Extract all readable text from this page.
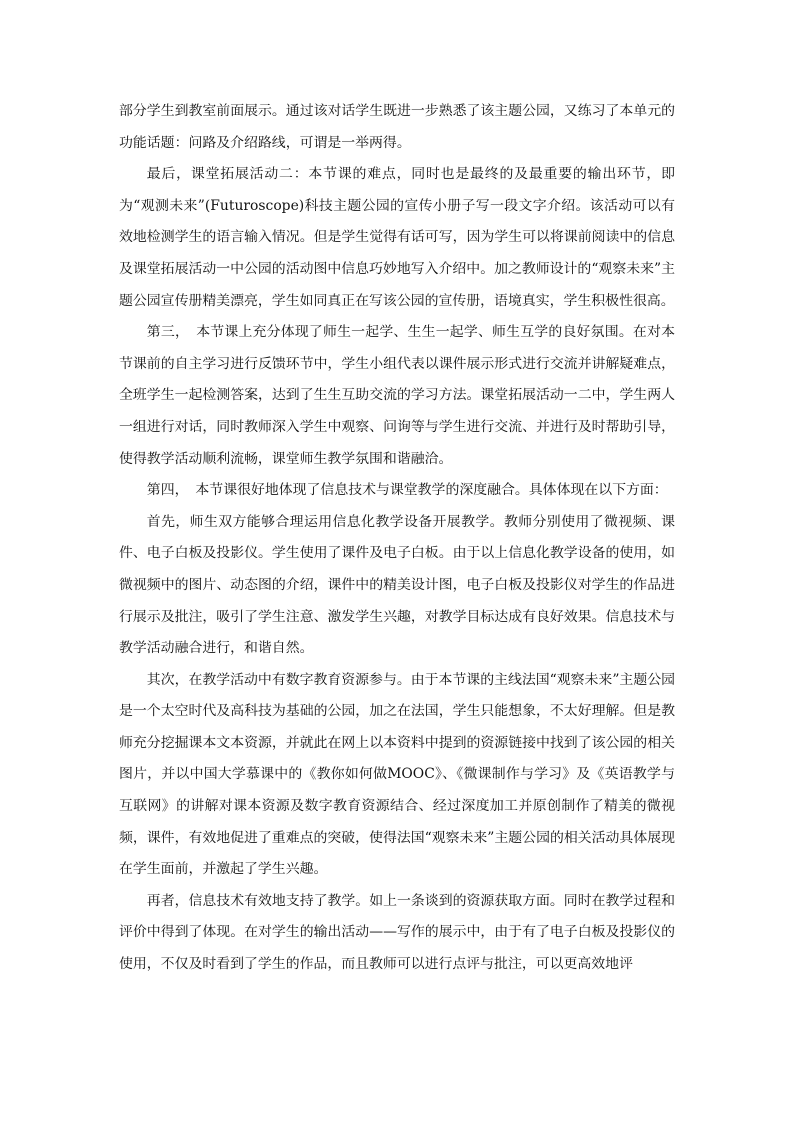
部分学生到教室前面展示。通过该对话学生既进一步熟悉了该主题公园，又练习了本单元的功能话题：问路及介绍路线，可谓是一举两得。

最后，课堂拓展活动二：本节课的难点，同时也是最终的及最重要的输出环节，即为“观测未来”(Futuroscope)科技主题公园的宣传小册子写一段文字介绍。该活动可以有效地检测学生的语言输入情况。但是学生觉得有话可写，因为学生可以将课前阅读中的信息及课堂拓展活动一中公园的活动图中信息巧妙地写入介绍中。加之教师设计的“观察未来”主题公园宣传册精美漂亮，学生如同真正在写该公园的宣传册，语境真实，学生积极性很高。

第三，　本节课上充分体现了师生一起学、生生一起学、师生互学的良好氛围。在对本节课前的自主学习进行反馈环节中，学生小组代表以课件展示形式进行交流并讲解疑难点，全班学生一起检测答案，达到了生生互助交流的学习方法。课堂拓展活动一二中，学生两人一组进行对话，同时教师深入学生中观察、问询等与学生进行交流、并进行及时帮助引导，使得教学活动顺利流畅，课堂师生教学氛围和谐融洽。

第四，　本节课很好地体现了信息技术与课堂教学的深度融合。具体体现在以下方面：

首先，师生双方能够合理运用信息化教学设备开展教学。教师分别使用了微视频、课件、电子白板及投影仪。学生使用了课件及电子白板。由于以上信息化教学设备的使用，如微视频中的图片、动态图的介绍，课件中的精美设计图，电子白板及投影仪对学生的作品进行展示及批注，吸引了学生注意、激发学生兴趣，对教学目标达成有良好效果。信息技术与教学活动融合进行，和谐自然。

其次，在教学活动中有数字教育资源参与。由于本节课的主线法国“观察未来”主题公园是一个太空时代及高科技为基础的公园，加之在法国，学生只能想象，不太好理解。但是教师充分挖掘课本文本资源，并就此在网上以本资料中提到的资源链接中找到了该公园的相关图片，并以中国大学慕课中的《教你如何做MOOC》、《微课制作与学习》及《英语教学与互联网》的讲解对课本资源及数字教育资源结合、经过深度加工并原创制作了精美的微视频，课件，有效地促进了重难点的突破，使得法国“观察未来”主题公园的相关活动具体展现在学生面前，并激起了学生兴趣。

再者，信息技术有效地支持了教学。如上一条谈到的资源获取方面。同时在教学过程和评价中得到了体现。在对学生的输出活动——写作的展示中，由于有了电子白板及投影仪的使用，不仅及时看到了学生的作品，而且教师可以进行点评与批注，可以更高效地评
